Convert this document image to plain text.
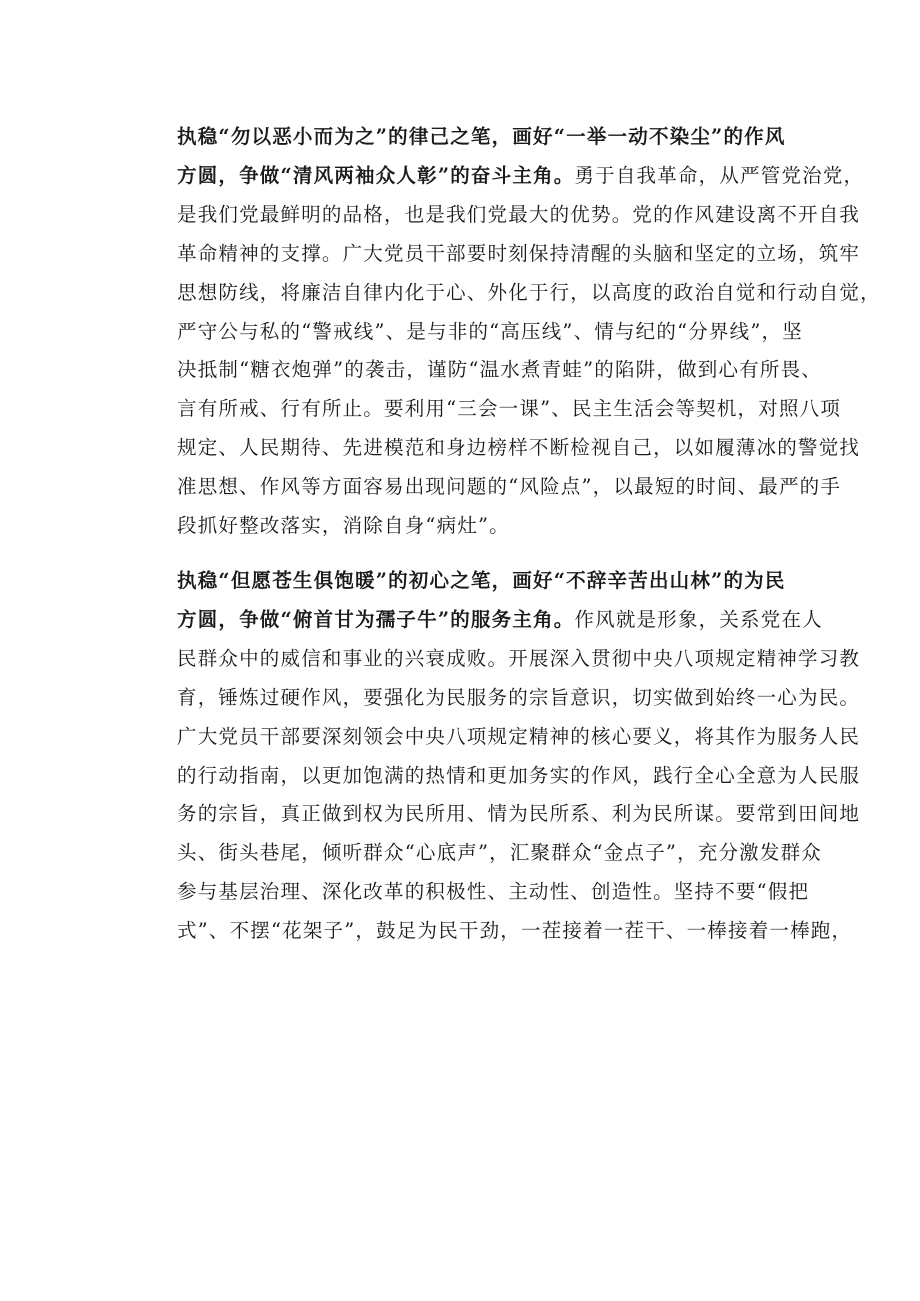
执稳“勿以恶小而为之”的律己之笔，画好“一举一动不染尘”的作风
方圆，争做“清风两袖众人彰”的奋斗主角。勇于自我革命，从严管党治党，
是我们党最鲜明的品格，也是我们党最大的优势。党的作风建设离不开自我
革命精神的支撑。广大党员干部要时刻保持清醒的头脑和坚定的立场，筑牢
思想防线，将廉洁自律内化于心、外化于行，以高度的政治自觉和行动自觉，
严守公与私的“警戒线”、是与非的“高压线”、情与纪的“分界线”，坚
决抵制“糖衣炮弹”的袭击，谨防“温水煮青蛙”的陷阱，做到心有所畏、
言有所戒、行有所止。要利用“三会一课”、民主生活会等契机，对照八项
规定、人民期待、先进模范和身边榜样不断检视自己，以如履薄冰的警觉找
准思想、作风等方面容易出现问题的“风险点”，以最短的时间、最严的手
段抓好整改落实，消除自身“病灶”。

执稳“但愿苍生俱饱暖”的初心之笔，画好“不辞辛苦出山林”的为民
方圆，争做“俯首甘为孺子牛”的服务主角。作风就是形象，关系党在人
民群众中的威信和事业的兴衰成败。开展深入贯彻中央八项规定精神学习教
育，锤炼过硬作风，要强化为民服务的宗旨意识，切实做到始终一心为民。
广大党员干部要深刻领会中央八项规定精神的核心要义，将其作为服务人民
的行动指南，以更加饱满的热情和更加务实的作风，践行全心全意为人民服
务的宗旨，真正做到权为民所用、情为民所系、利为民所谋。要常到田间地
头、街头巷尾，倾听群众“心底声”，汇聚群众“金点子”，充分激发群众
参与基层治理、深化改革的积极性、主动性、创造性。坚持不要“假把
式”、不摆“花架子”，鼓足为民干劲，一茬接着一茬干、一棒接着一棒跑，
